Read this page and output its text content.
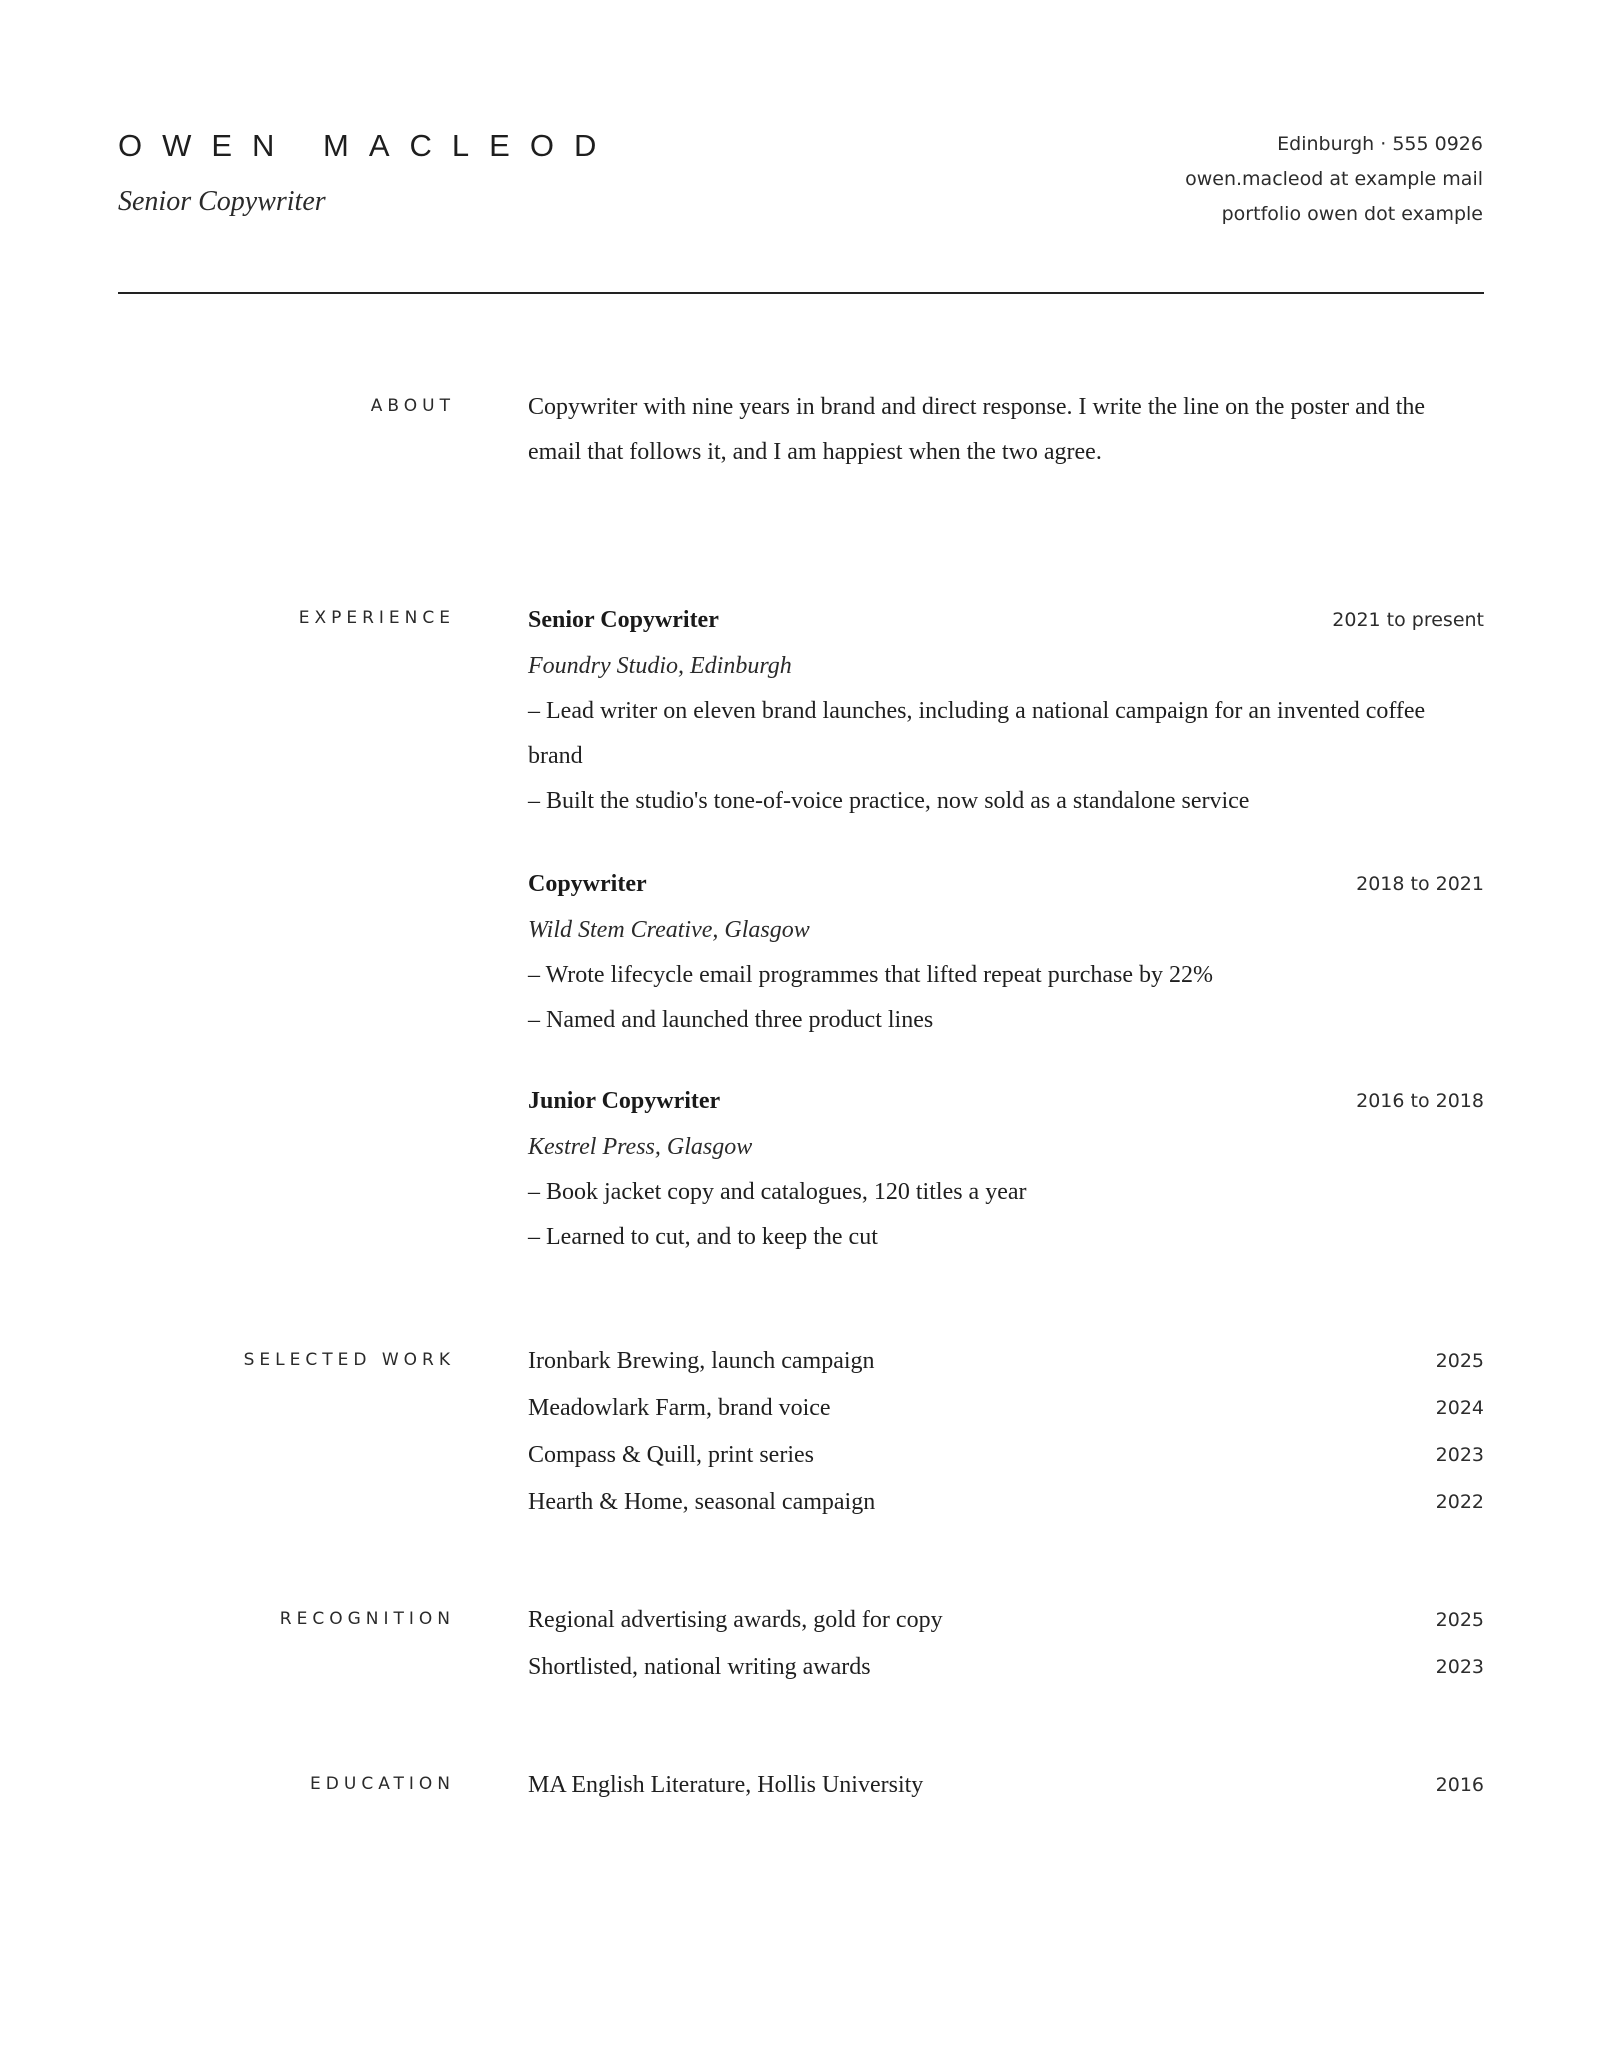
OWEN MACLEOD
Senior Copywriter
Edinburgh · 555 0926
owen.macleod at example mail
portfolio owen dot example
ABOUT	Copywriter with nine years in brand and direct response. I write the line on the poster and the email that follows it, and I am happiest when the two agree.
EXPERIENCE	Senior Copywriter	2021 to present
Foundry Studio, Edinburgh
– Lead writer on eleven brand launches, including a national campaign for an invented coffee brand
– Built the studio's tone-of-voice practice, now sold as a standalone service
Copywriter	2018 to 2021
Wild Stem Creative, Glasgow
– Wrote lifecycle email programmes that lifted repeat purchase by 22%
– Named and launched three product lines
Junior Copywriter	2016 to 2018
Kestrel Press, Glasgow
– Book jacket copy and catalogues, 120 titles a year
– Learned to cut, and to keep the cut
SELECTED WORK	Ironbark Brewing, launch campaign	2025
Meadowlark Farm, brand voice	2024
Compass & Quill, print series	2023
Hearth & Home, seasonal campaign	2022
RECOGNITION	Regional advertising awards, gold for copy	2025
Shortlisted, national writing awards	2023
EDUCATION	MA English Literature, Hollis University	2016
